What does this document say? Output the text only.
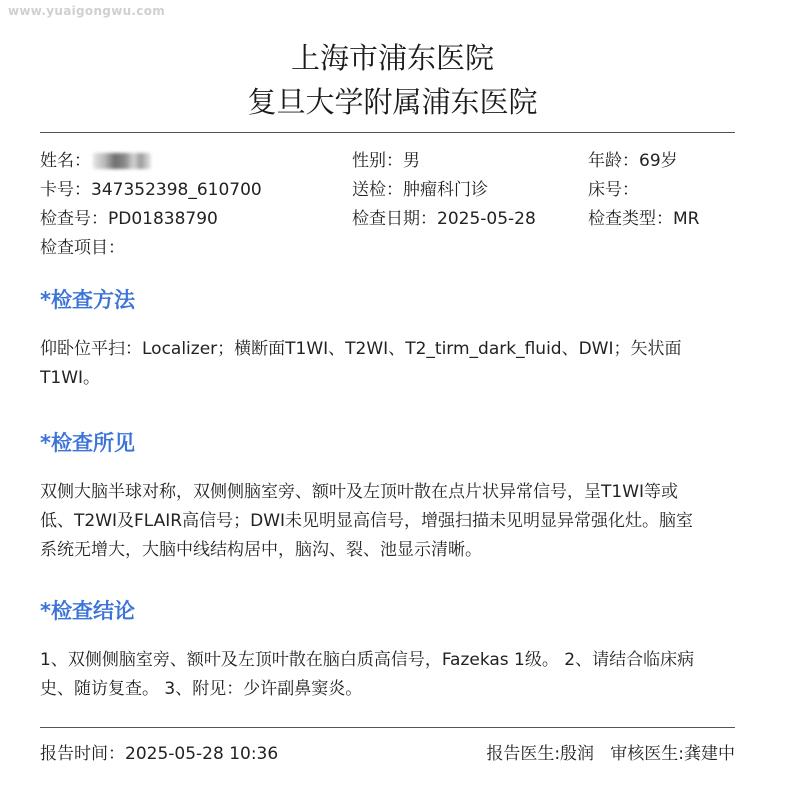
www.yuaigongwu.com
上海市浦东医院
复旦大学附属浦东医院
姓名：	性别：男	年龄：69岁
卡号：347352398_610700	送检：肿瘤科门诊	床号：
检查号：PD01838790	检查日期：2025-05-28	检查类型：MR
检查项目：
*检查方法
仰卧位平扫：Localizer；横断面T1WI、T2WI、T2_tirm_dark_fluid、DWI；矢状面
T1WI。
*检查所见
双侧大脑半球对称，双侧侧脑室旁、额叶及左顶叶散在点片状异常信号，呈T1WI等或
低、T2WI及FLAIR高信号；DWI未见明显高信号，增强扫描未见明显异常强化灶。脑室
系统无增大，大脑中线结构居中，脑沟、裂、池显示清晰。
*检查结论
1、双侧侧脑室旁、额叶及左顶叶散在脑白质高信号，Fazekas 1级。 2、请结合临床病
史、随访复查。 3、附见：少许副鼻窦炎。
报告时间：2025-05-28 10:36	报告医生:殷润   审核医生:龚建中
